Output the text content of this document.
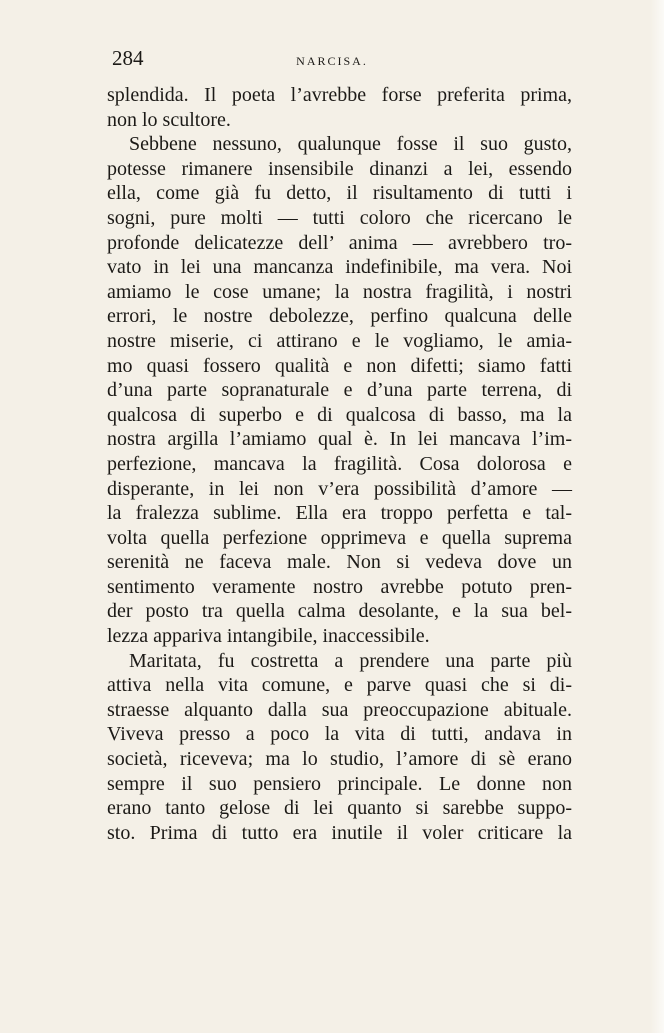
284	NARCISA.
splendida. Il poeta l’avrebbe forse preferita prima,
non lo scultore.
Sebbene nessuno, qualunque fosse il suo gusto,
potesse rimanere insensibile dinanzi a lei, essendo
ella, come già fu detto, il risultamento di tutti i
sogni, pure molti — tutti coloro che ricercano le
profonde delicatezze dell’ anima — avrebbero tro-
vato in lei una mancanza indefinibile, ma vera. Noi
amiamo le cose umane; la nostra fragilità, i nostri
errori, le nostre debolezze, perfino qualcuna delle
nostre miserie, ci attirano e le vogliamo, le amia-
mo quasi fossero qualità e non difetti; siamo fatti
d’una parte sopranaturale e d’una parte terrena, di
qualcosa di superbo e di qualcosa di basso, ma la
nostra argilla l’amiamo qual è. In lei mancava l’im-
perfezione, mancava la fragilità. Cosa dolorosa e
disperante, in lei non v’era possibilità d’amore —
la fralezza sublime. Ella era troppo perfetta e tal-
volta quella perfezione opprimeva e quella suprema
serenità ne faceva male. Non si vedeva dove un
sentimento veramente nostro avrebbe potuto pren-
der posto tra quella calma desolante, e la sua bel-
lezza appariva intangibile, inaccessibile.
Maritata, fu costretta a prendere una parte più
attiva nella vita comune, e parve quasi che si di-
straesse alquanto dalla sua preoccupazione abituale.
Viveva presso a poco la vita di tutti, andava in
società, riceveva; ma lo studio, l’amore di sè erano
sempre il suo pensiero principale. Le donne non
erano tanto gelose di lei quanto si sarebbe suppo-
sto. Prima di tutto era inutile il voler criticare la
